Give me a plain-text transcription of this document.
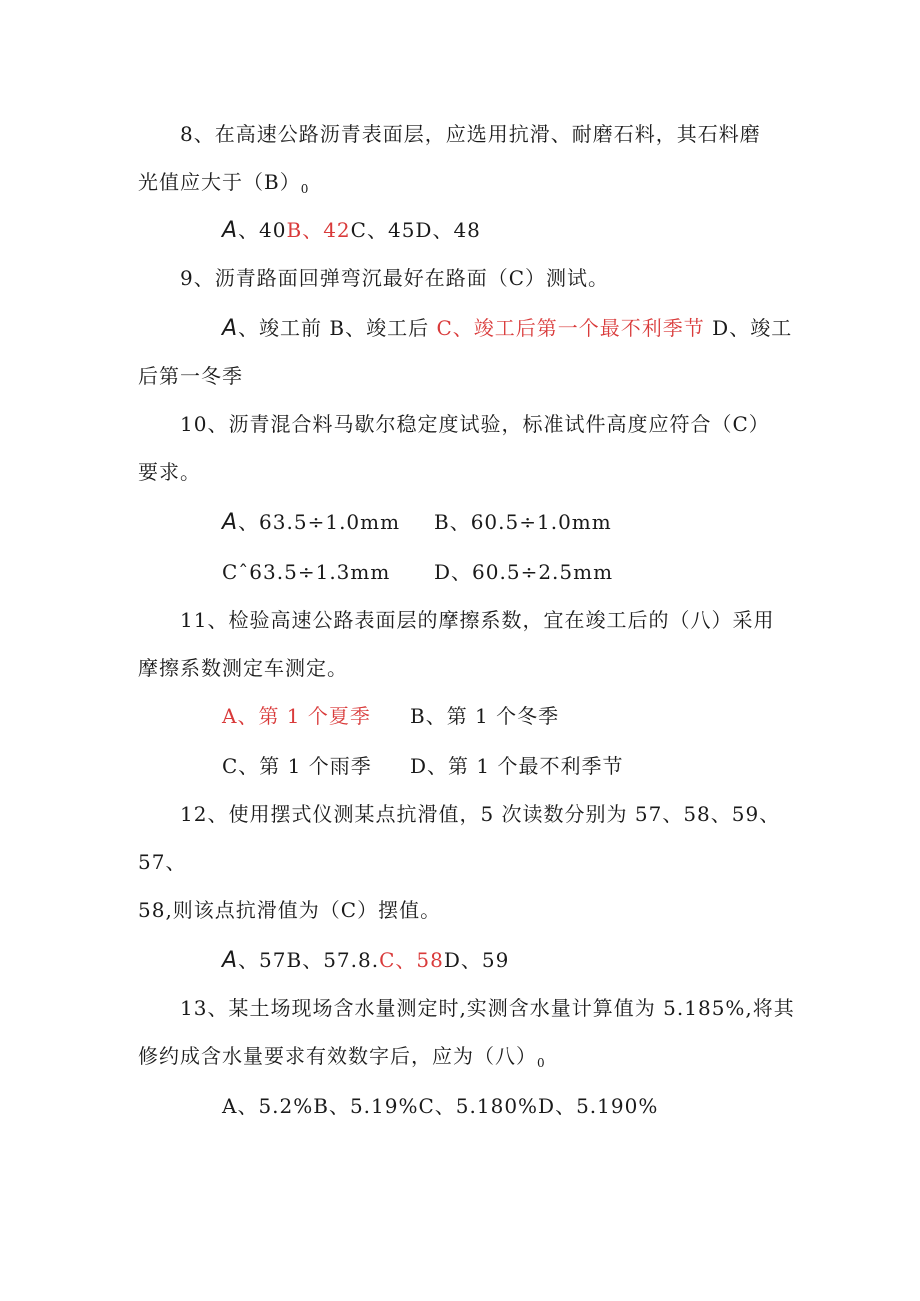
8、在高速公路沥青表面层，应选用抗滑、耐磨石料，其石料磨
光值应大于$(B)_0$
A、40B、42C、45D、48
9、沥青路面回弹弯沉最好在路面（C）测试。
A、竣工前 B、竣工后 C、竣工后第一个最不利季节 D、竣工
后第一冬季
10、沥青混合料马歇尔稳定度试验，标准试件高度应符合（C）
要求。
A、63.5÷1.0mm B、60.5÷1.0mm
Cˆ63.5÷1.3mm D、60.5÷2.5mm
11、检验高速公路表面层的摩擦系数，宜在竣工后的（八）采用
摩擦系数测定车测定。
A、第 1 个夏季 B、第 1 个冬季
C、第 1 个雨季 D、第 1 个最不利季节
12、使用摆式仪测某点抗滑值，5 次读数分别为 57、58、59、
57、
58,则该点抗滑值为（C）摆值。
A、57B、57.8.C、58D、59
13、某土场现场含水量测定时,实测含水量计算值为 5.185%,将其
修约成含水量要求有效数字后，应为（八）$_0$
A、5.2%B、5.19%C、5.180%D、5.190%
